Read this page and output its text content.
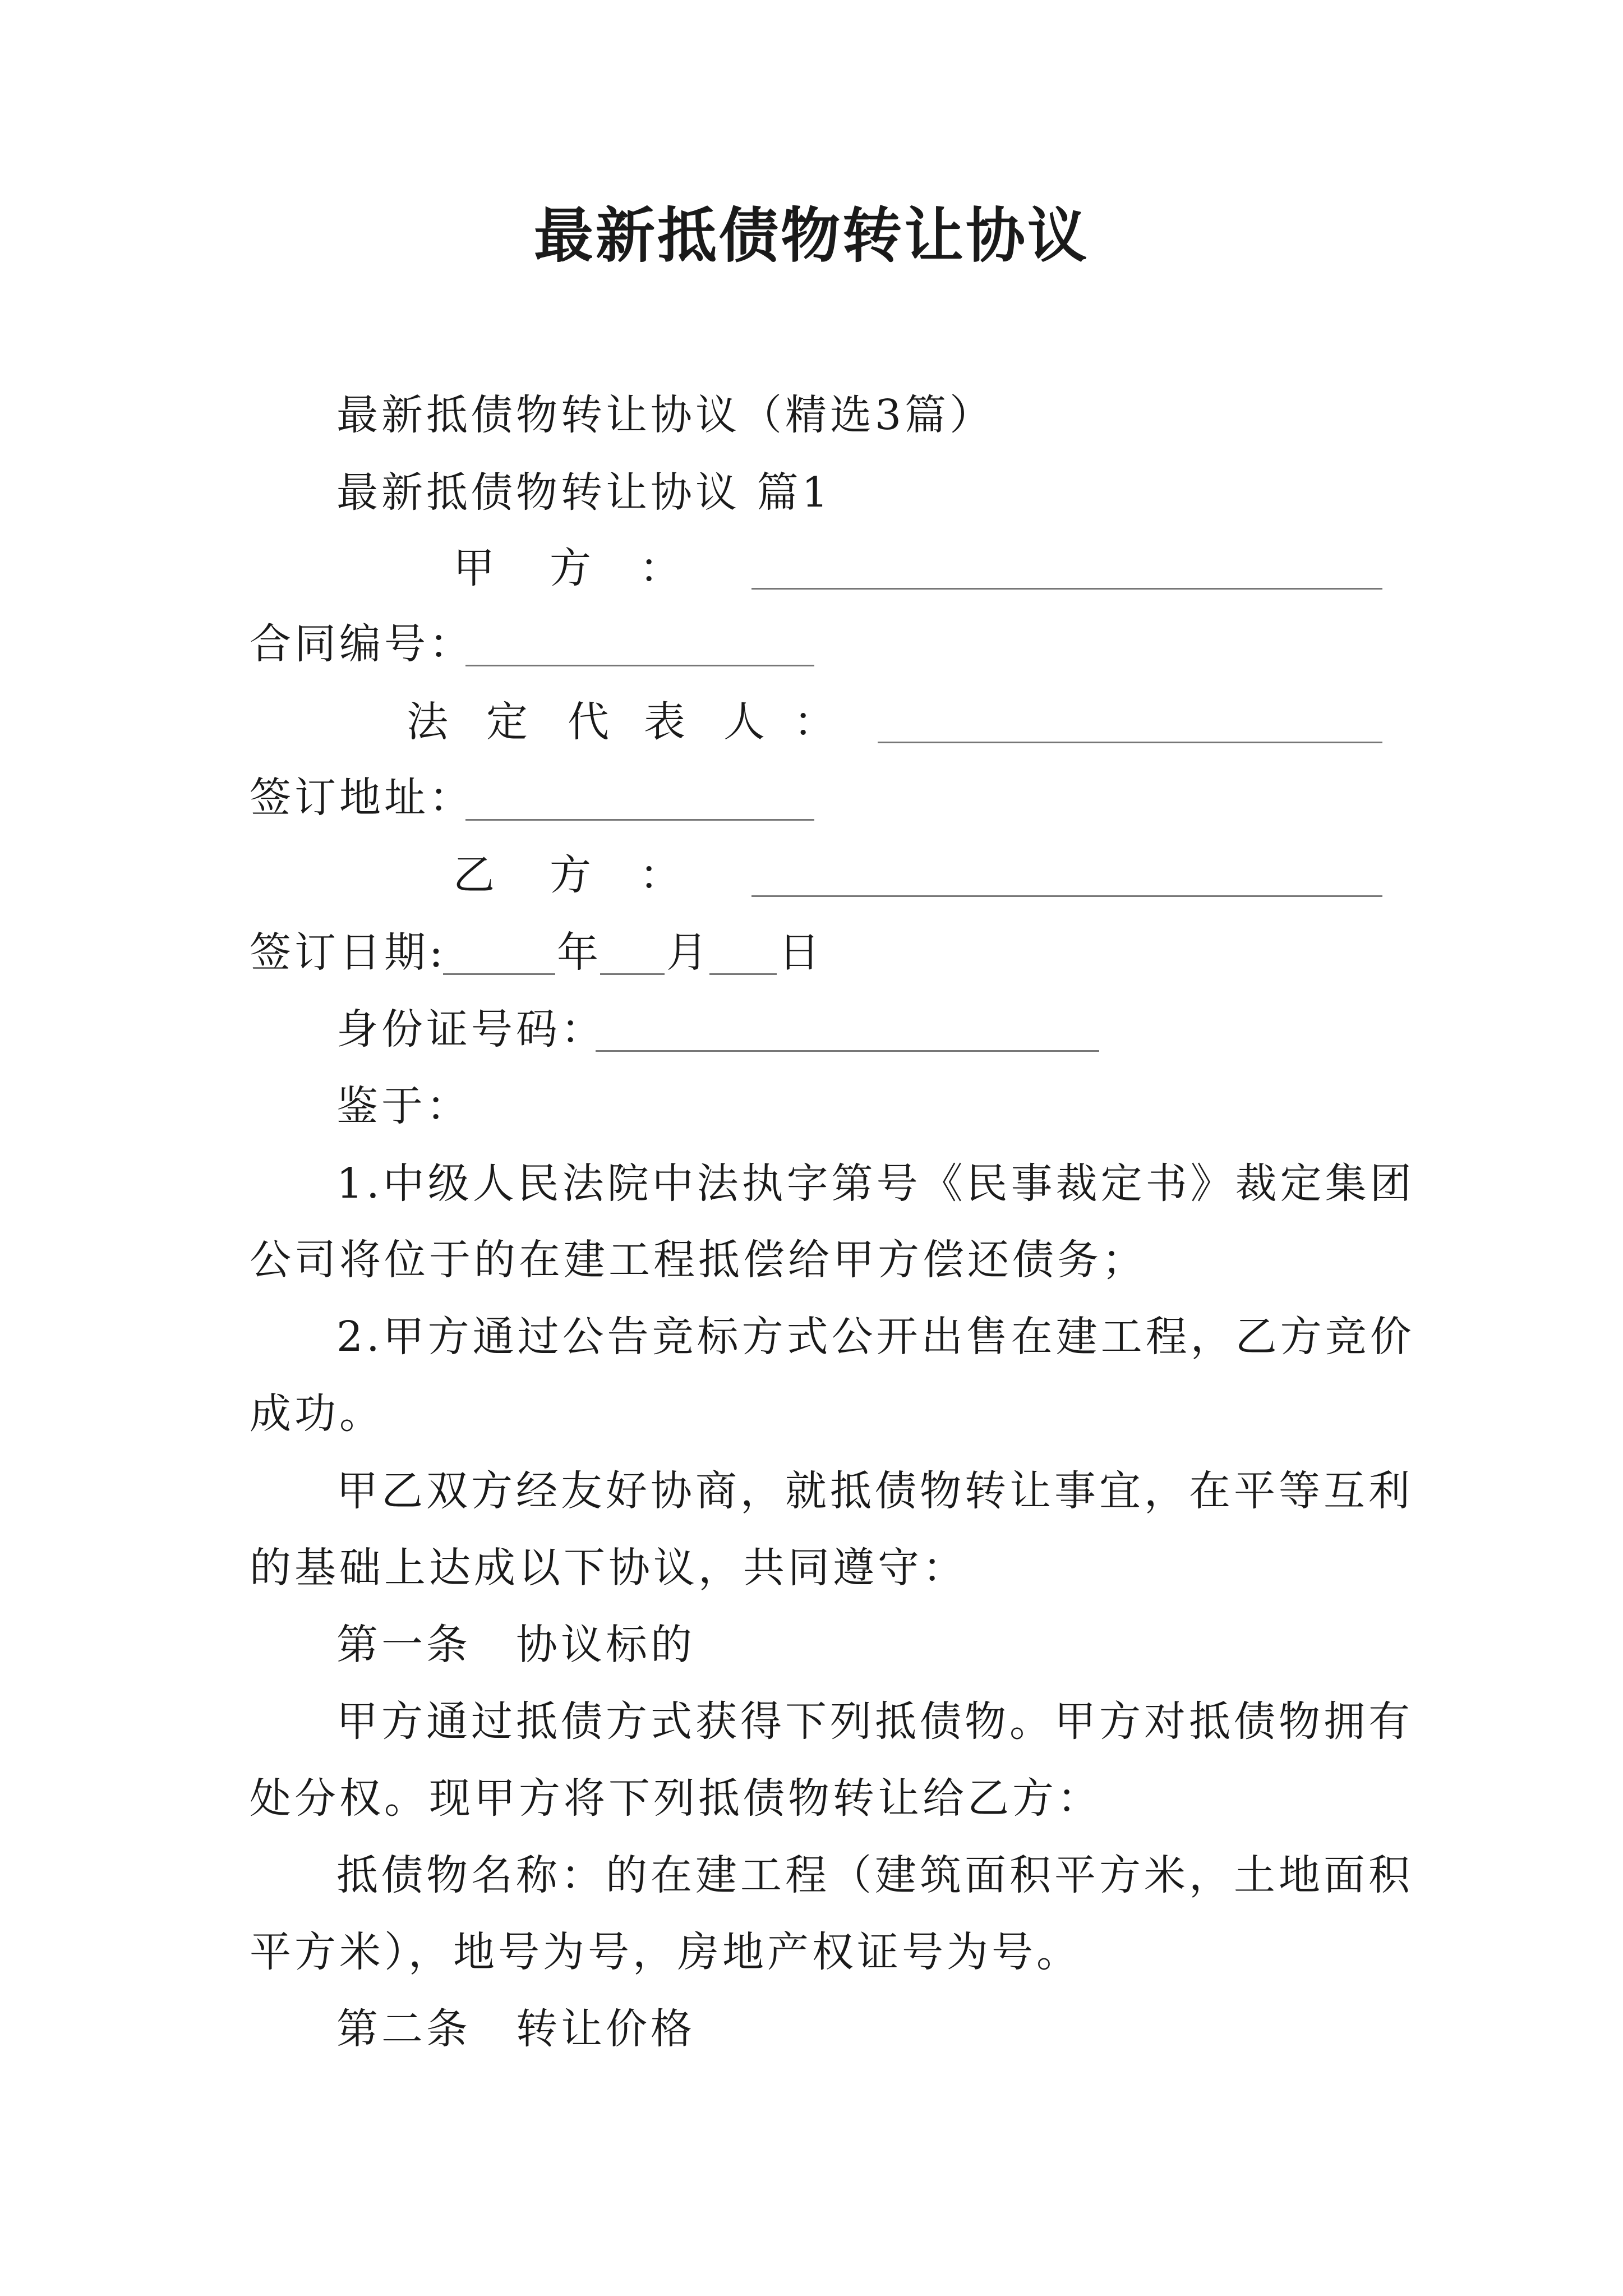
最新抵债物转让协议
最新抵债物转让协议（精选3篇）
最新抵债物转让协议 篇1
甲 方 ：
合同编号：
法 定 代 表 人 ：
签订地址：
乙 方 ：
签订日期:	年 月 日
身份证号码：
鉴于：
1.中级人民法院中法执字第号《民事裁定书》裁定集团
公司将位于的在建工程抵偿给甲方偿还债务；
2.甲方通过公告竞标方式公开出售在建工程，乙方竞价
成功。
甲乙双方经友好协商，就抵债物转让事宜，在平等互利
的基础上达成以下协议，共同遵守：
第一条　协议标的
甲方通过抵债方式获得下列抵债物。甲方对抵债物拥有
处分权。现甲方将下列抵债物转让给乙方：
抵债物名称：的在建工程（建筑面积平方米，土地面积
平方米），地号为号，房地产权证号为号。
第二条　转让价格
